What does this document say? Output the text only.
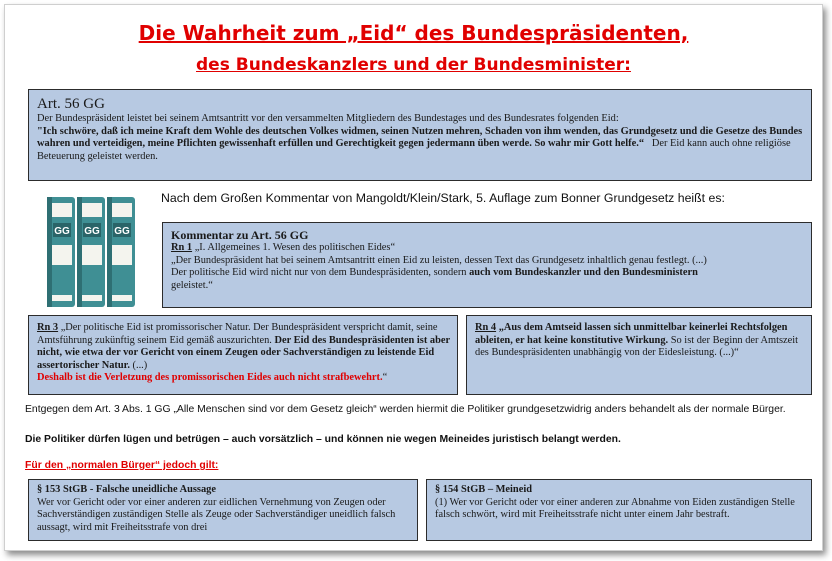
Die Wahrheit zum „Eid“ des Bundespräsidenten,
des Bundeskanzlers und der Bundesminister:
Art. 56 GG
Der Bundespräsident leistet bei seinem Amtsantritt vor den versammelten Mitgliedern des Bundestages und des Bundesrates folgenden Eid:
"Ich schwöre, daß ich meine Kraft dem Wohle des deutschen Volkes widmen, seinen Nutzen mehren, Schaden von ihm wenden, das Grundgesetz und die Gesetze des Bundes wahren und verteidigen, meine Pflichten gewissenhaft erfüllen und Gerechtigkeit gegen jedermann üben werde. So wahr mir Gott helfe.“ Der Eid kann auch ohne religiöse Beteuerung geleistet werden.
GG GG GG
Nach dem Großen Kommentar von Mangoldt/Klein/Stark, 5. Auflage zum Bonner Grundgesetz heißt es:
Kommentar zu Art. 56 GG
Rn 1 „I. Allgemeines 1. Wesen des politischen Eides“
„Der Bundespräsident hat bei seinem Amtsantritt einen Eid zu leisten, dessen Text das Grundgesetz inhaltlich genau festlegt. (...)
Der politische Eid wird nicht nur von dem Bundespräsidenten, sondern auch vom Bundeskanzler und den Bundesministern
geleistet.“
Rn 3 „Der politische Eid ist promissorischer Natur. Der Bundespräsident verspricht damit, seine Amtsführung zukünftig seinem Eid gemäß auszurichten. Der Eid des Bundespräsidenten ist aber nicht, wie etwa der vor Gericht von einem Zeugen oder Sachverständigen zu leistende Eid assertorischer Natur. (...)
Deshalb ist die Verletzung des promissorischen Eides auch nicht strafbewehrt.“
Rn 4 „Aus dem Amtseid lassen sich unmittelbar keinerlei Rechtsfolgen ableiten, er hat keine konstitutive Wirkung. So ist der Beginn der Amtszeit des Bundespräsidenten unabhängig von der Eidesleistung. (...)“
Entgegen dem Art. 3 Abs. 1 GG „Alle Menschen sind vor dem Gesetz gleich“ werden hiermit die Politiker grundgesetzwidrig anders behandelt als der normale Bürger.
Die Politiker dürfen lügen und betrügen – auch vorsätzlich – und können nie wegen Meineides juristisch belangt werden.
Für den „normalen Bürger“ jedoch gilt:
§ 153 StGB - Falsche uneidliche Aussage
Wer vor Gericht oder vor einer anderen zur eidlichen Vernehmung von Zeugen oder Sachverständigen zuständigen Stelle als Zeuge oder Sachverständiger uneidlich falsch aussagt, wird mit Freiheitsstrafe von drei
§ 154 StGB – Meineid
(1) Wer vor Gericht oder vor einer anderen zur Abnahme von Eiden zuständigen Stelle falsch schwört, wird mit Freiheitsstrafe nicht unter einem Jahr bestraft.
